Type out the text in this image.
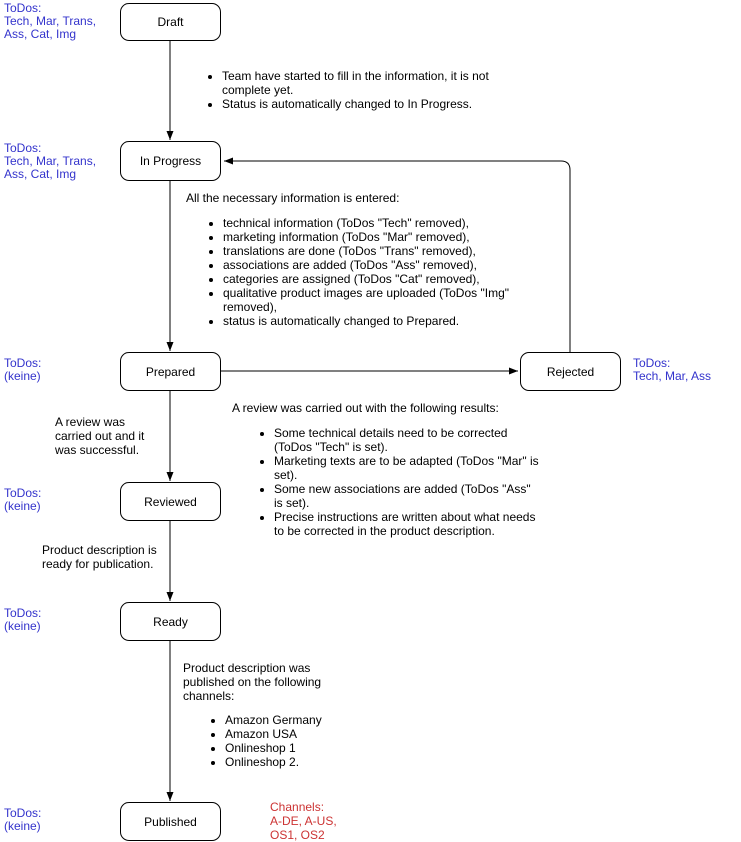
Draft
In Progress
Prepared	Rejected
Reviewed
Ready
Published
ToDos:
Tech, Mar, Trans,
Ass, Cat, Img
ToDos:
Tech, Mar, Trans,
Ass, Cat, Img
ToDos:
(keine)
ToDos:
Tech, Mar, Ass
ToDos:
(keine)
ToDos:
(keine)
ToDos:
(keine)
• Team have started to fill in the information, it is not complete yet.
• Status is automatically changed to In Progress.
All the necessary information is entered:
• technical information (ToDos "Tech" removed),
• marketing information (ToDos "Mar" removed),
• translations are done (ToDos "Trans" removed),
• associations are added (ToDos "Ass" removed),
• categories are assigned (ToDos "Cat" removed),
• qualitative product images are uploaded (ToDos "Img" removed),
• status is automatically changed to Prepared.
A review was carried out with the following results:
• Some technical details need to be corrected (ToDos "Tech" is set).
• Marketing texts are to be adapted (ToDos "Mar" is set).
• Some new associations are added (ToDos "Ass" is set).
• Precise instructions are written about what needs to be corrected in the product description.
A review was carried out and it was successful.
Product description is ready for publication.
Product description was published on the following channels:
• Amazon Germany
• Amazon USA
• Onlineshop 1
• Onlineshop 2.
Channels:
A-DE, A-US,
OS1, OS2
